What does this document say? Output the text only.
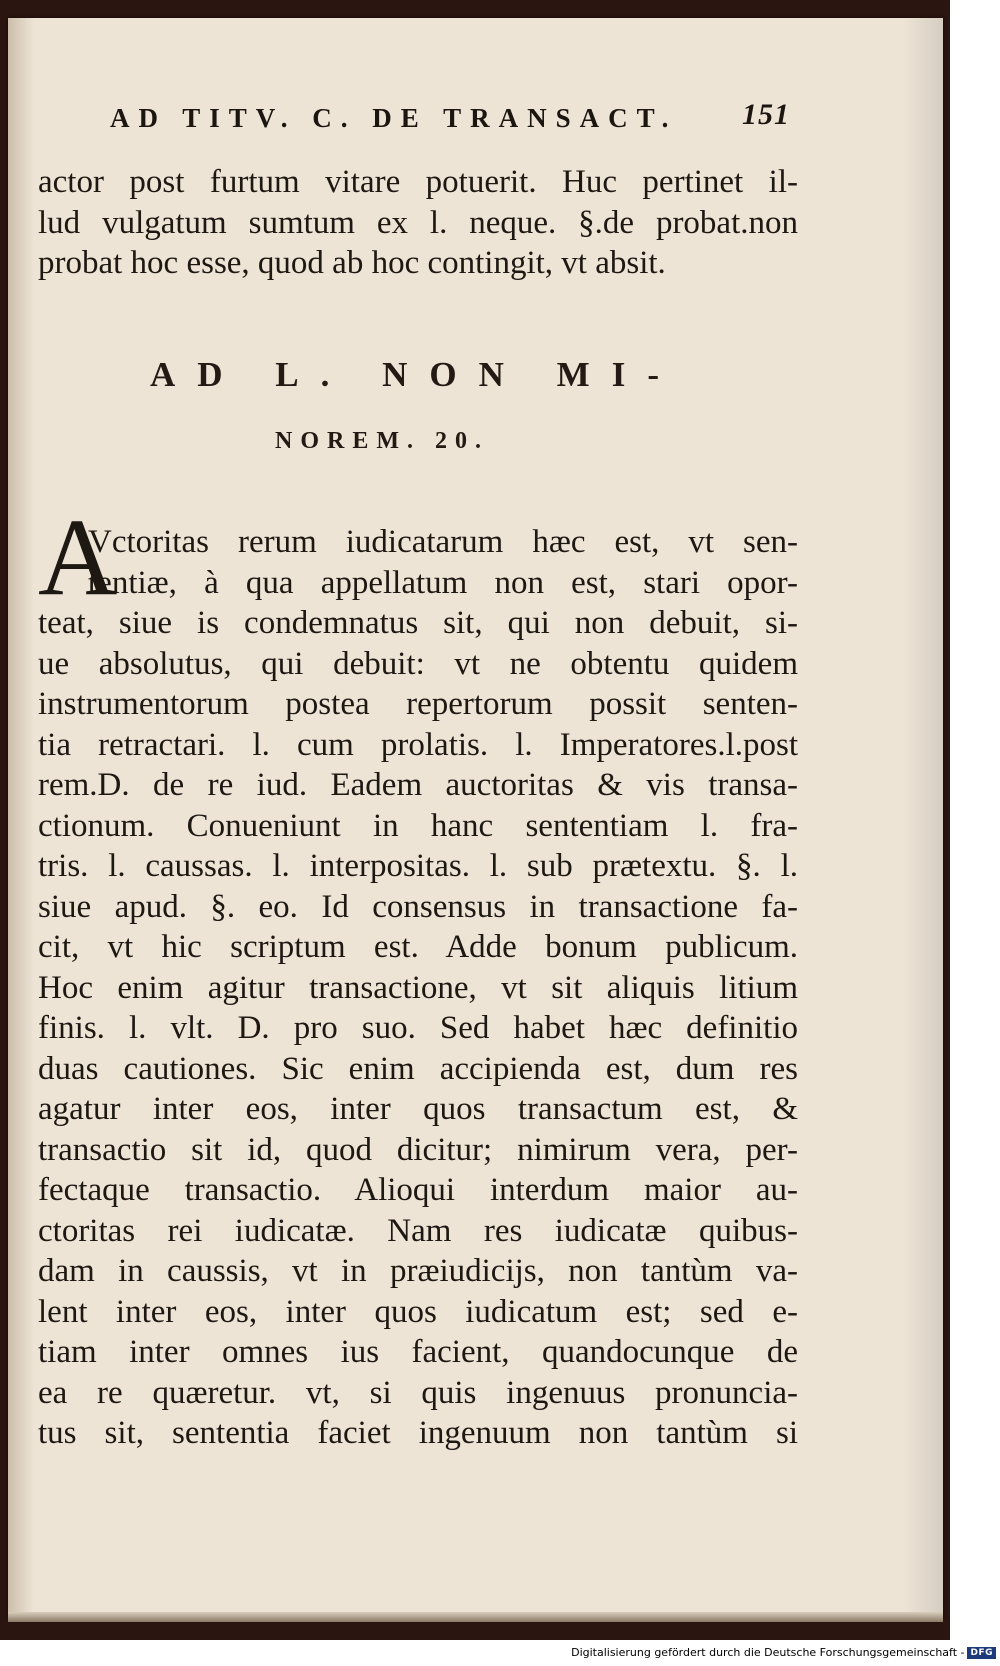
AD TITV. C. DE TRANSACT. 151
actor post furtum vitare potuerit. Huc pertinet il-
lud vulgatum sumtum ex l. neque. §.de probat.non
probat hoc esse, quod ab hoc contingit, vt absit.
AD L. NON MI-
NOREM. 20.
A
Vctoritas rerum iudicatarum hæc est, vt sen-
tentiæ, à qua appellatum non est, stari opor-
teat, siue is condemnatus sit, qui non debuit, si-
ue absolutus, qui debuit: vt ne obtentu quidem
instrumentorum postea repertorum possit senten-
tia retractari. l. cum prolatis. l. Imperatores.l.post
rem.D. de re iud. Eadem auctoritas & vis transa-
ctionum. Conueniunt in hanc sententiam l. fra-
tris. l. caussas. l. interpositas. l. sub prætextu. §. l.
siue apud. §. eo. Id consensus in transactione fa-
cit, vt hic scriptum est. Adde bonum publicum.
Hoc enim agitur transactione, vt sit aliquis litium
finis. l. vlt. D. pro suo. Sed habet hæc definitio
duas cautiones. Sic enim accipienda est, dum res
agatur inter eos, inter quos transactum est, &
transactio sit id, quod dicitur; nimirum vera, per-
fectaque transactio. Alioqui interdum maior au-
ctoritas rei iudicatæ. Nam res iudicatæ quibus-
dam in caussis, vt in præiudicijs, non tantùm va-
lent inter eos, inter quos iudicatum est; sed e-
tiam inter omnes ius facient, quandocunque de
ea re quæretur. vt, si quis ingenuus pronuncia-
tus sit, sententia faciet ingenuum non tantùm si
Digitalisierung gefördert durch die Deutsche Forschungsgemeinschaft - DFG
